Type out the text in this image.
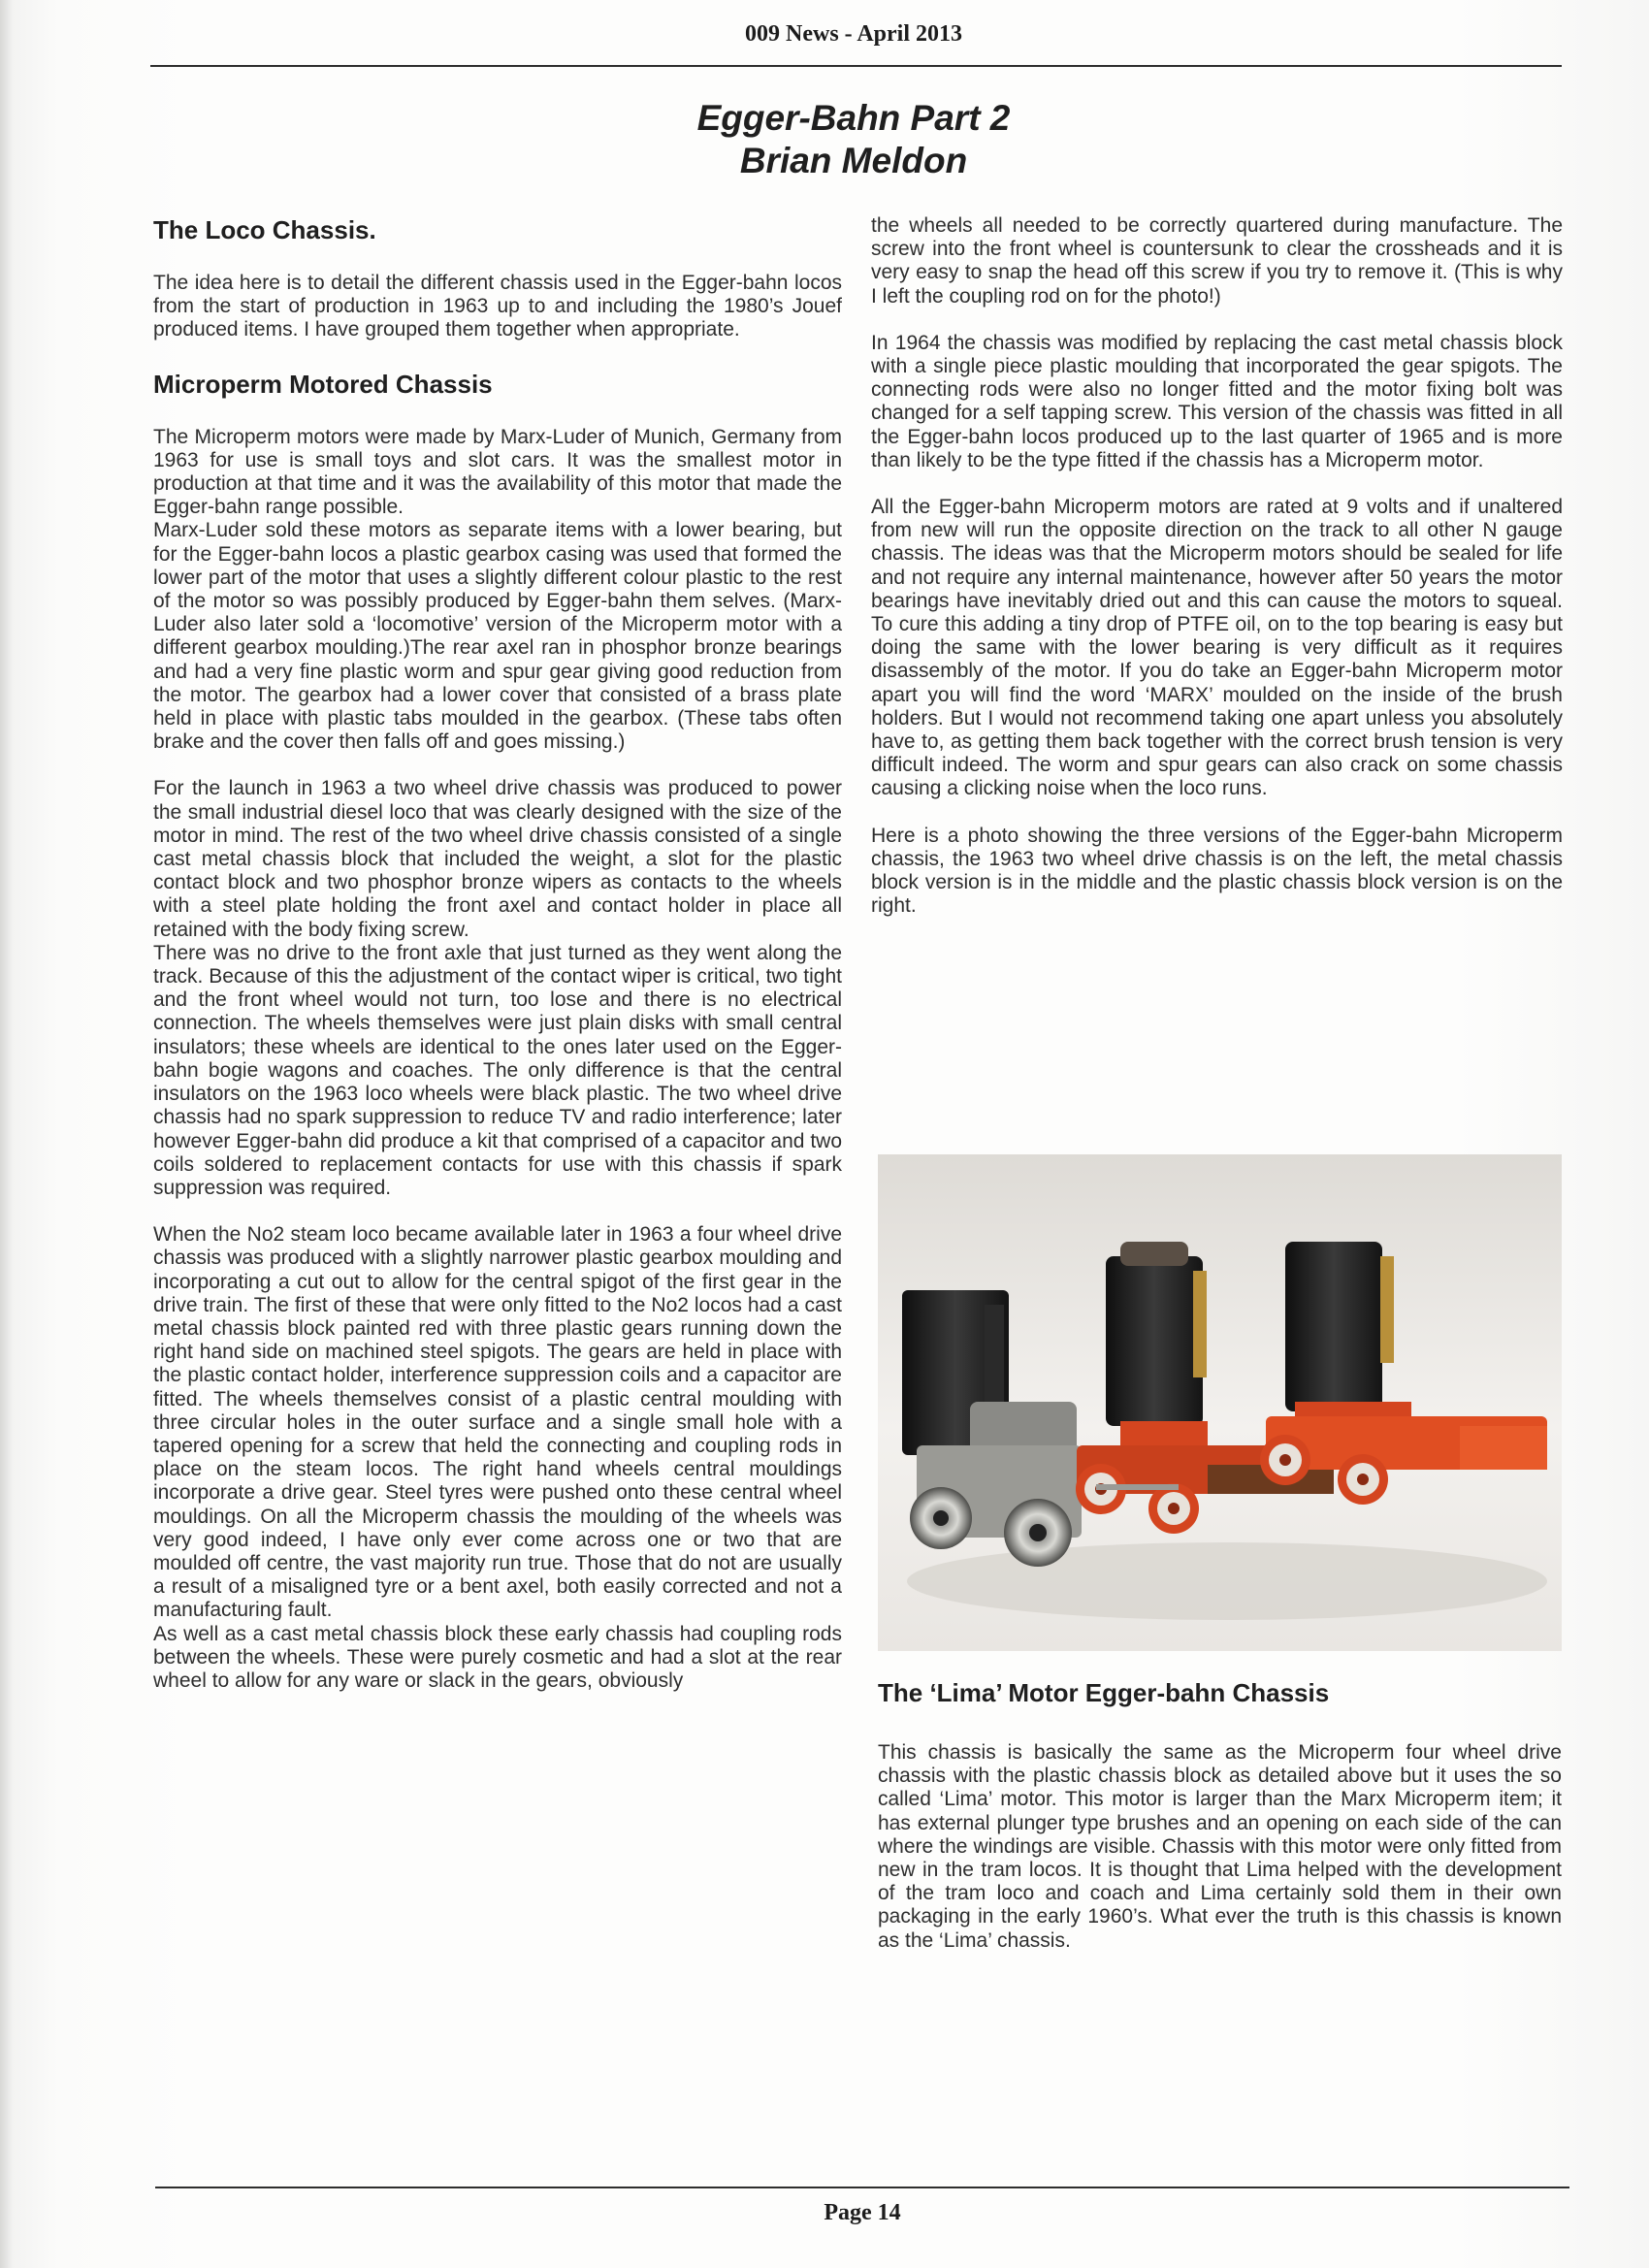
009 News - April 2013
Egger-Bahn Part 2
Brian Meldon
The Loco Chassis.

The idea here is to detail the different chassis used in the Egger-bahn locos from the start of production in 1963 up to and including the 1980’s Jouef produced items. I have grouped them together when appropriate.

Microperm Motored Chassis

The Microperm motors were made by Marx-Luder of Munich, Germany from 1963 for use is small toys and slot cars. It was the smallest motor in production at that time and it was the availability of this motor that made the Egger-bahn range possible.

Marx-Luder sold these motors as separate items with a lower bearing, but for the Egger-bahn locos a plastic gearbox casing was used that formed the lower part of the motor that uses a slightly different colour plastic to the rest of the motor so was possibly produced by Egger-bahn them selves. (Marx-Luder also later sold a ‘locomotive’ version of the Microperm motor with a different gearbox moulding.)The rear axel ran in phosphor bronze bearings and had a very fine plastic worm and spur gear giving good reduction from the motor. The gearbox had a lower cover that consisted of a brass plate held in place with plastic tabs moulded in the gearbox. (These tabs often brake and the cover then falls off and goes missing.)

For the launch in 1963 a two wheel drive chassis was produced to power the small industrial diesel loco that was clearly designed with the size of the motor in mind. The rest of the two wheel drive chassis consisted of a single cast metal chassis block that included the weight, a slot for the plastic contact block and two phosphor bronze wipers as contacts to the wheels with a steel plate holding the front axel and contact holder in place all retained with the body fixing screw.

There was no drive to the front axle that just turned as they went along the track. Because of this the adjustment of the contact wiper is critical, two tight and the front wheel would not turn, too lose and there is no electrical connection. The wheels themselves were just plain disks with small central insulators; these wheels are identical to the ones later used on the Egger-bahn bogie wagons and coaches. The only difference is that the central insulators on the 1963 loco wheels were black plastic. The two wheel drive chassis had no spark suppression to reduce TV and radio interference; later however Egger-bahn did produce a kit that comprised of a capacitor and two coils soldered to replacement contacts for use with this chassis if spark suppression was required.

When the No2 steam loco became available later in 1963 a four wheel drive chassis was produced with a slightly narrower plastic gearbox moulding and incorporating a cut out to allow for the central spigot of the first gear in the drive train. The first of these that were only fitted to the No2 locos had a cast metal chassis block painted red with three plastic gears running down the right hand side on machined steel spigots. The gears are held in place with the plastic contact holder, interference suppression coils and a capacitor are fitted. The wheels themselves consist of a plastic central moulding with three circular holes in the outer surface and a single small hole with a tapered opening for a screw that held the connecting and coupling rods in place on the steam locos. The right hand wheels central mouldings incorporate a drive gear. Steel tyres were pushed onto these central wheel mouldings. On all the Microperm chassis the moulding of the wheels was very good indeed, I have only ever come across one or two that are moulded off centre, the vast majority run true. Those that do not are usually a result of a misaligned tyre or a bent axel, both easily corrected and not a manufacturing fault.

As well as a cast metal chassis block these early chassis had coupling rods between the wheels. These were purely cosmetic and had a slot at the rear wheel to allow for any ware or slack in the gears, obviously

the wheels all needed to be correctly quartered during manufacture. The screw into the front wheel is countersunk to clear the crossheads and it is very easy to snap the head off this screw if you try to remove it. (This is why I left the coupling rod on for the photo!)

In 1964 the chassis was modified by replacing the cast metal chassis block with a single piece plastic moulding that incorporated the gear spigots. The connecting rods were also no longer fitted and the motor fixing bolt was changed for a self tapping screw. This version of the chassis was fitted in all the Egger-bahn locos produced up to the last quarter of 1965 and is more than likely to be the type fitted if the chassis has a Microperm motor.

All the Egger-bahn Microperm motors are rated at 9 volts and if unaltered from new will run the opposite direction on the track to all other N gauge chassis. The ideas was that the Microperm motors should be sealed for life and not require any internal maintenance, however after 50 years the motor bearings have inevitably dried out and this can cause the motors to squeal. To cure this adding a tiny drop of PTFE oil, on to the top bearing is easy but doing the same with the lower bearing is very difficult as it requires disassembly of the motor. If you do take an Egger-bahn Microperm motor apart you will find the word ‘MARX’ moulded on the inside of the brush holders. But I would not recommend taking one apart unless you absolutely have to, as getting them back together with the correct brush tension is very difficult indeed. The worm and spur gears can also crack on some chassis causing a clicking noise when the loco runs.

Here is a photo showing the three versions of the Egger-bahn Microperm chassis, the 1963 two wheel drive chassis is on the left, the metal chassis block version is in the middle and the plastic chassis block version is on the right.

The ‘Lima’ Motor Egger-bahn Chassis

This chassis is basically the same as the Microperm four wheel drive chassis with the plastic chassis block as detailed above but it uses the so called ‘Lima’ motor. This motor is larger than the Marx Microperm item; it has external plunger type brushes and an opening on each side of the can where the windings are visible. Chassis with this motor were only fitted from new in the tram locos. It is thought that Lima helped with the development of the tram loco and coach and Lima certainly sold them in their own packaging in the early 1960’s. What ever the truth is this chassis is known as the ‘Lima’ chassis.

Page 14
